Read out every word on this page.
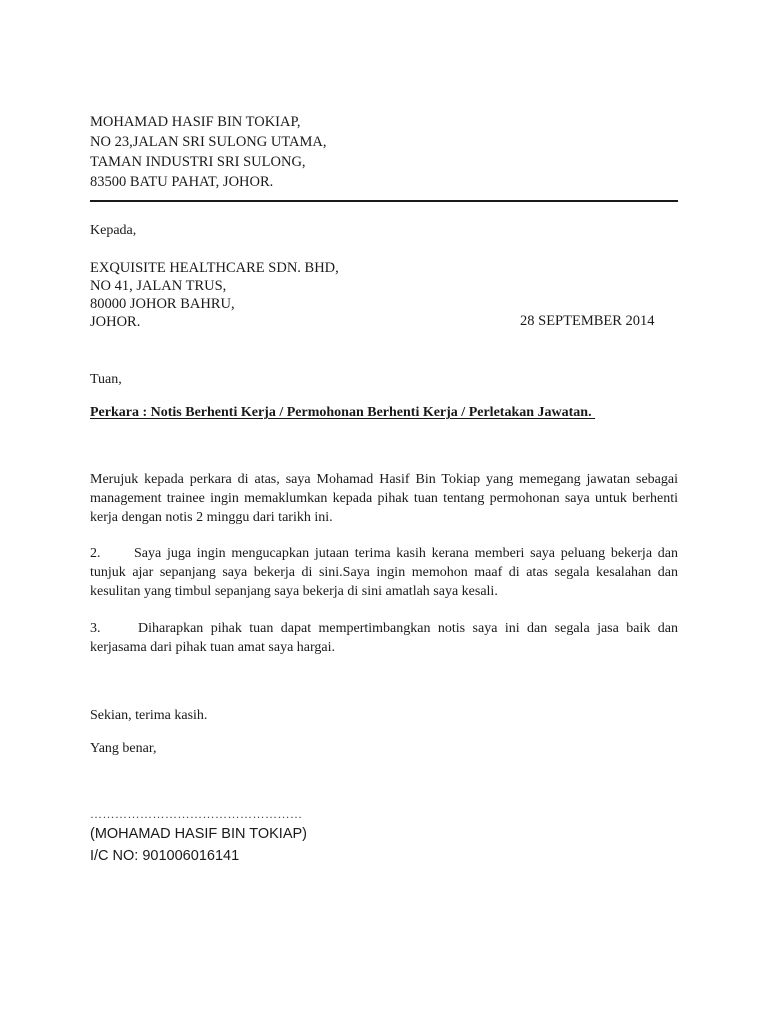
MOHAMAD HASIF BIN TOKIAP,
NO 23,JALAN SRI SULONG UTAMA,
TAMAN INDUSTRI SRI SULONG,
83500 BATU PAHAT, JOHOR.
Kepada,
EXQUISITE HEALTHCARE SDN. BHD,
NO 41, JALAN TRUS,
80000 JOHOR BAHRU,
JOHOR.	28 SEPTEMBER 2014
Tuan,
Perkara : Notis Berhenti Kerja / Permohonan Berhenti Kerja / Perletakan Jawatan.
Merujuk kepada perkara di atas, saya Mohamad Hasif Bin Tokiap yang memegang jawatan sebagai management trainee ingin memaklumkan kepada pihak tuan tentang permohonan saya untuk berhenti kerja dengan notis 2 minggu dari tarikh ini.
2. Saya juga ingin mengucapkan jutaan terima kasih kerana memberi saya peluang bekerja dan tunjuk ajar sepanjang saya bekerja di sini.Saya ingin memohon maaf di atas segala kesalahan dan kesulitan yang timbul sepanjang saya bekerja di sini amatlah saya kesali.
3.	Diharapkan pihak tuan dapat mempertimbangkan notis saya ini dan segala jasa baik dan kerjasama dari pihak tuan amat saya hargai.
Sekian, terima kasih.
Yang benar,
……………………………………………
(MOHAMAD HASIF BIN TOKIAP)
I/C NO: 901006016141
